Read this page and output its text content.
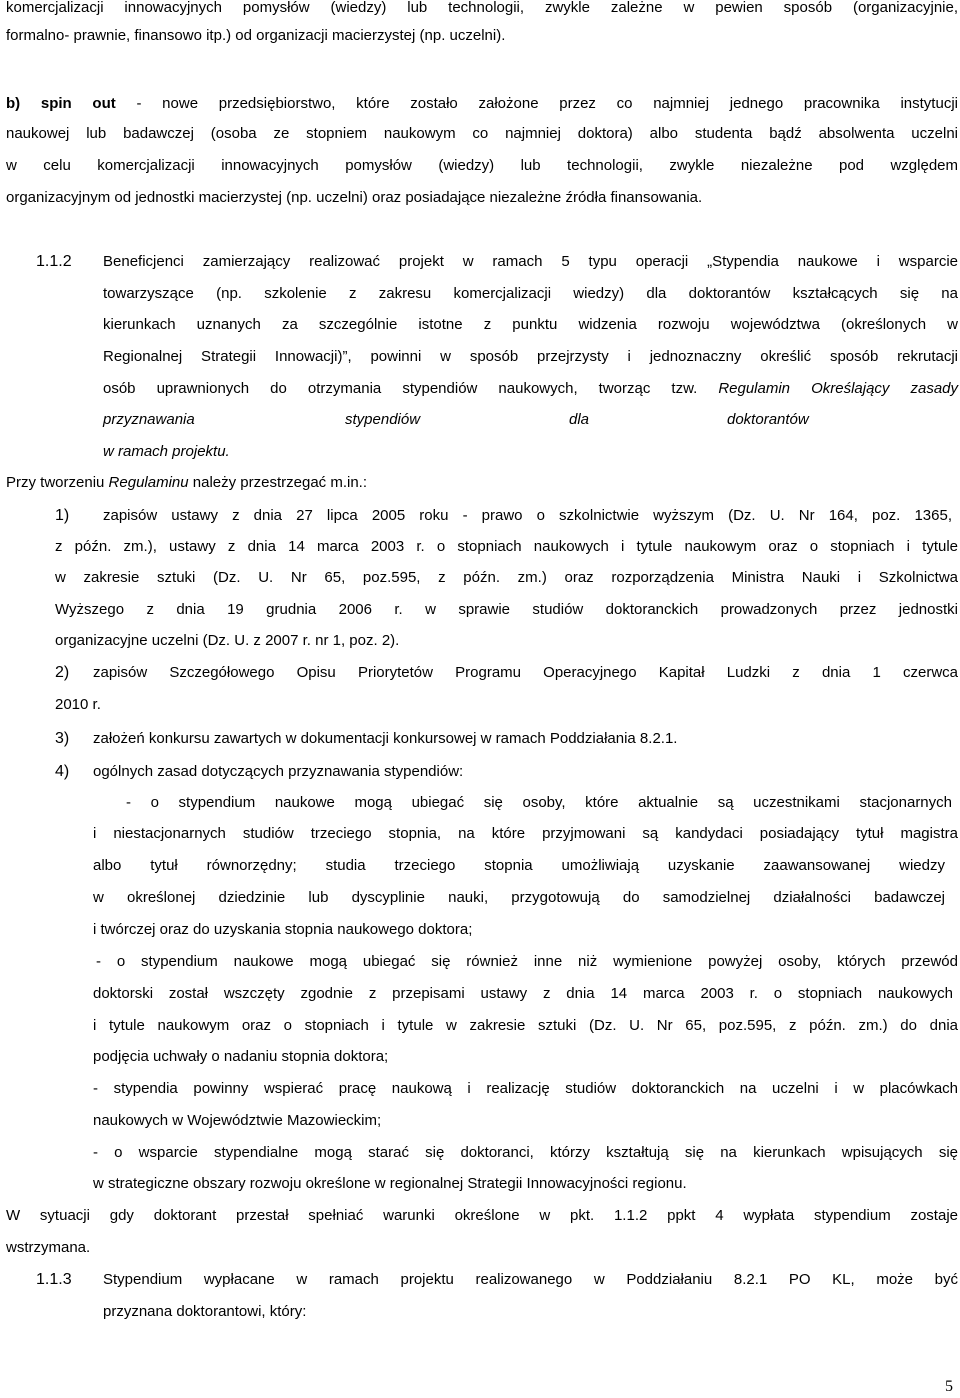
komercjalizacji innowacyjnych pomysłów (wiedzy) lub technologii, zwykle zależne w pewien sposób (organizacyjnie,
formalno- prawnie, finansowo itp.) od organizacji macierzystej (np. uczelni).
b) spin out - nowe przedsiębiorstwo, które zostało założone przez co najmniej jednego pracownika instytucji
naukowej lub badawczej (osoba ze stopniem naukowym co najmniej doktora) albo studenta bądź absolwenta uczelni
w celu komercjalizacji innowacyjnych pomysłów (wiedzy) lub technologii, zwykle niezależne pod względem
organizacyjnym od jednostki macierzystej (np. uczelni) oraz posiadające niezależne źródła finansowania.
1.1.2 Beneficjenci zamierzający realizować projekt w ramach 5 typu operacji „Stypendia naukowe i wsparcie
towarzyszące (np. szkolenie z zakresu komercjalizacji wiedzy) dla doktorantów kształcących się na
kierunkach uznanych za szczególnie istotne z punktu widzenia rozwoju województwa (określonych w
Regionalnej Strategii Innowacji)”, powinni w sposób przejrzysty i jednoznaczny określić sposób rekrutacji
osób uprawnionych do otrzymania stypendiów naukowych, tworząc tzw. Regulamin Określający zasady
przyznawania	stypendiów	dla	doktorantów
w ramach projektu.
Przy tworzeniu Regulaminu należy przestrzegać m.in.:
1) zapisów ustawy z dnia 27 lipca 2005 roku - prawo o szkolnictwie wyższym (Dz. U. Nr 164, poz. 1365,
z późn. zm.), ustawy z dnia 14 marca 2003 r. o stopniach naukowych i tytule naukowym oraz o stopniach i tytule
w zakresie sztuki (Dz. U. Nr 65, poz.595, z późn. zm.) oraz rozporządzenia Ministra Nauki i Szkolnictwa
Wyższego z dnia 19 grudnia 2006 r. w sprawie studiów doktoranckich prowadzonych przez jednostki
organizacyjne uczelni (Dz. U. z 2007 r. nr 1, poz. 2).
2) zapisów Szczegółowego Opisu Priorytetów Programu Operacyjnego Kapitał Ludzki z dnia 1 czerwca
2010 r.
3) założeń konkursu zawartych w dokumentacji konkursowej w ramach Poddziałania 8.2.1.
4) ogólnych zasad dotyczących przyznawania stypendiów:
- o stypendium naukowe mogą ubiegać się osoby, które aktualnie są uczestnikami stacjonarnych
i niestacjonarnych studiów trzeciego stopnia, na które przyjmowani są kandydaci posiadający tytuł magistra
albo tytuł równorzędny; studia trzeciego stopnia umożliwiają uzyskanie zaawansowanej wiedzy
w określonej dziedzinie lub dyscyplinie nauki, przygotowują do samodzielnej działalności badawczej
i twórczej oraz do uzyskania stopnia naukowego doktora;
- o stypendium naukowe mogą ubiegać się również inne niż wymienione powyżej osoby, których przewód
doktorski został wszczęty zgodnie z przepisami ustawy z dnia 14 marca 2003 r. o stopniach naukowych
i tytule naukowym oraz o stopniach i tytule w zakresie sztuki (Dz. U. Nr 65, poz.595, z późn. zm.) do dnia
podjęcia uchwały o nadaniu stopnia doktora;
- stypendia powinny wspierać pracę naukową i realizację studiów doktoranckich na uczelni i w placówkach
naukowych w Województwie Mazowieckim;
- o wsparcie stypendialne mogą starać się doktoranci, którzy kształtują się na kierunkach wpisujących się
w strategiczne obszary rozwoju określone w regionalnej Strategii Innowacyjności regionu.
W sytuacji gdy doktorant przestał spełniać warunki określone w pkt. 1.1.2 ppkt 4 wypłata stypendium zostaje
wstrzymana.
1.1.3 Stypendium wypłacane w ramach projektu realizowanego w Poddziałaniu 8.2.1 PO KL, może być
przyznana doktorantowi, który:
5
